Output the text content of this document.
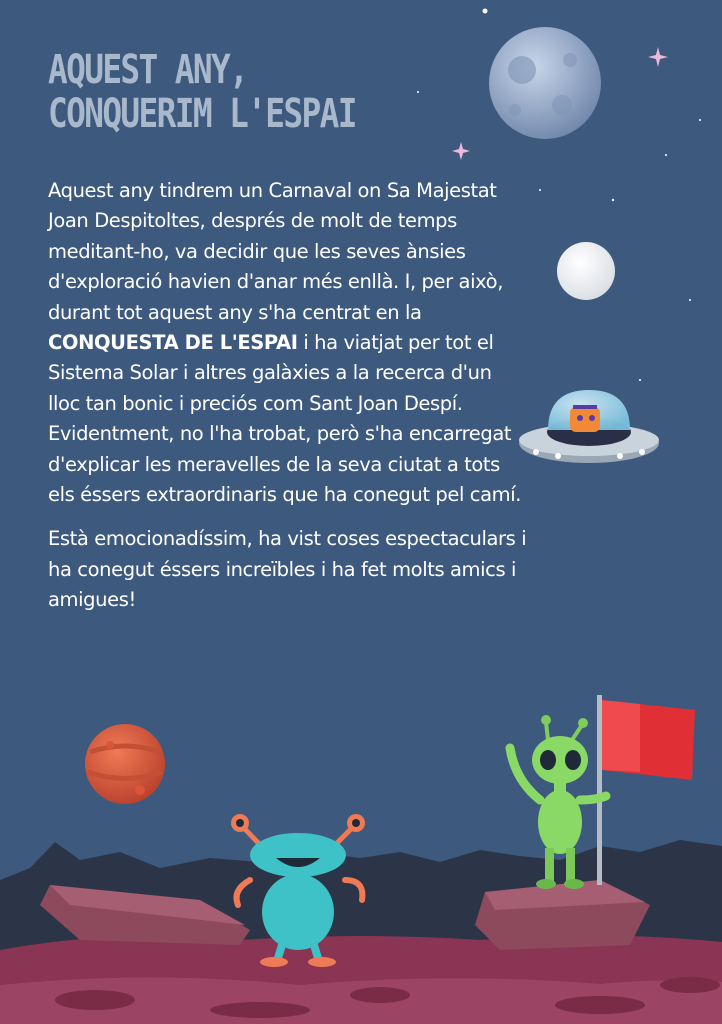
AQUEST ANY,
CONQUERIM L'ESPAI

Aquest any tindrem un Carnaval on Sa Majestat Joan Despitoltes, després de molt de temps meditant-ho, va decidir que les seves ànsies d'exploració havien d'anar més enllà. I, per això, durant tot aquest any s'ha centrat en la CONQUESTA DE L'ESPAI i ha viatjat per tot el Sistema Solar i altres galàxies a la recerca d'un lloc tan bonic i preciós com Sant Joan Despí. Evidentment, no l'ha trobat, però s'ha encarregat d'explicar les meravelles de la seva ciutat a tots els éssers extraordinaris que ha conegut pel camí.

Està emocionadíssim, ha vist coses espectaculars i ha conegut éssers increïbles i ha fet molts amics i amigues!
